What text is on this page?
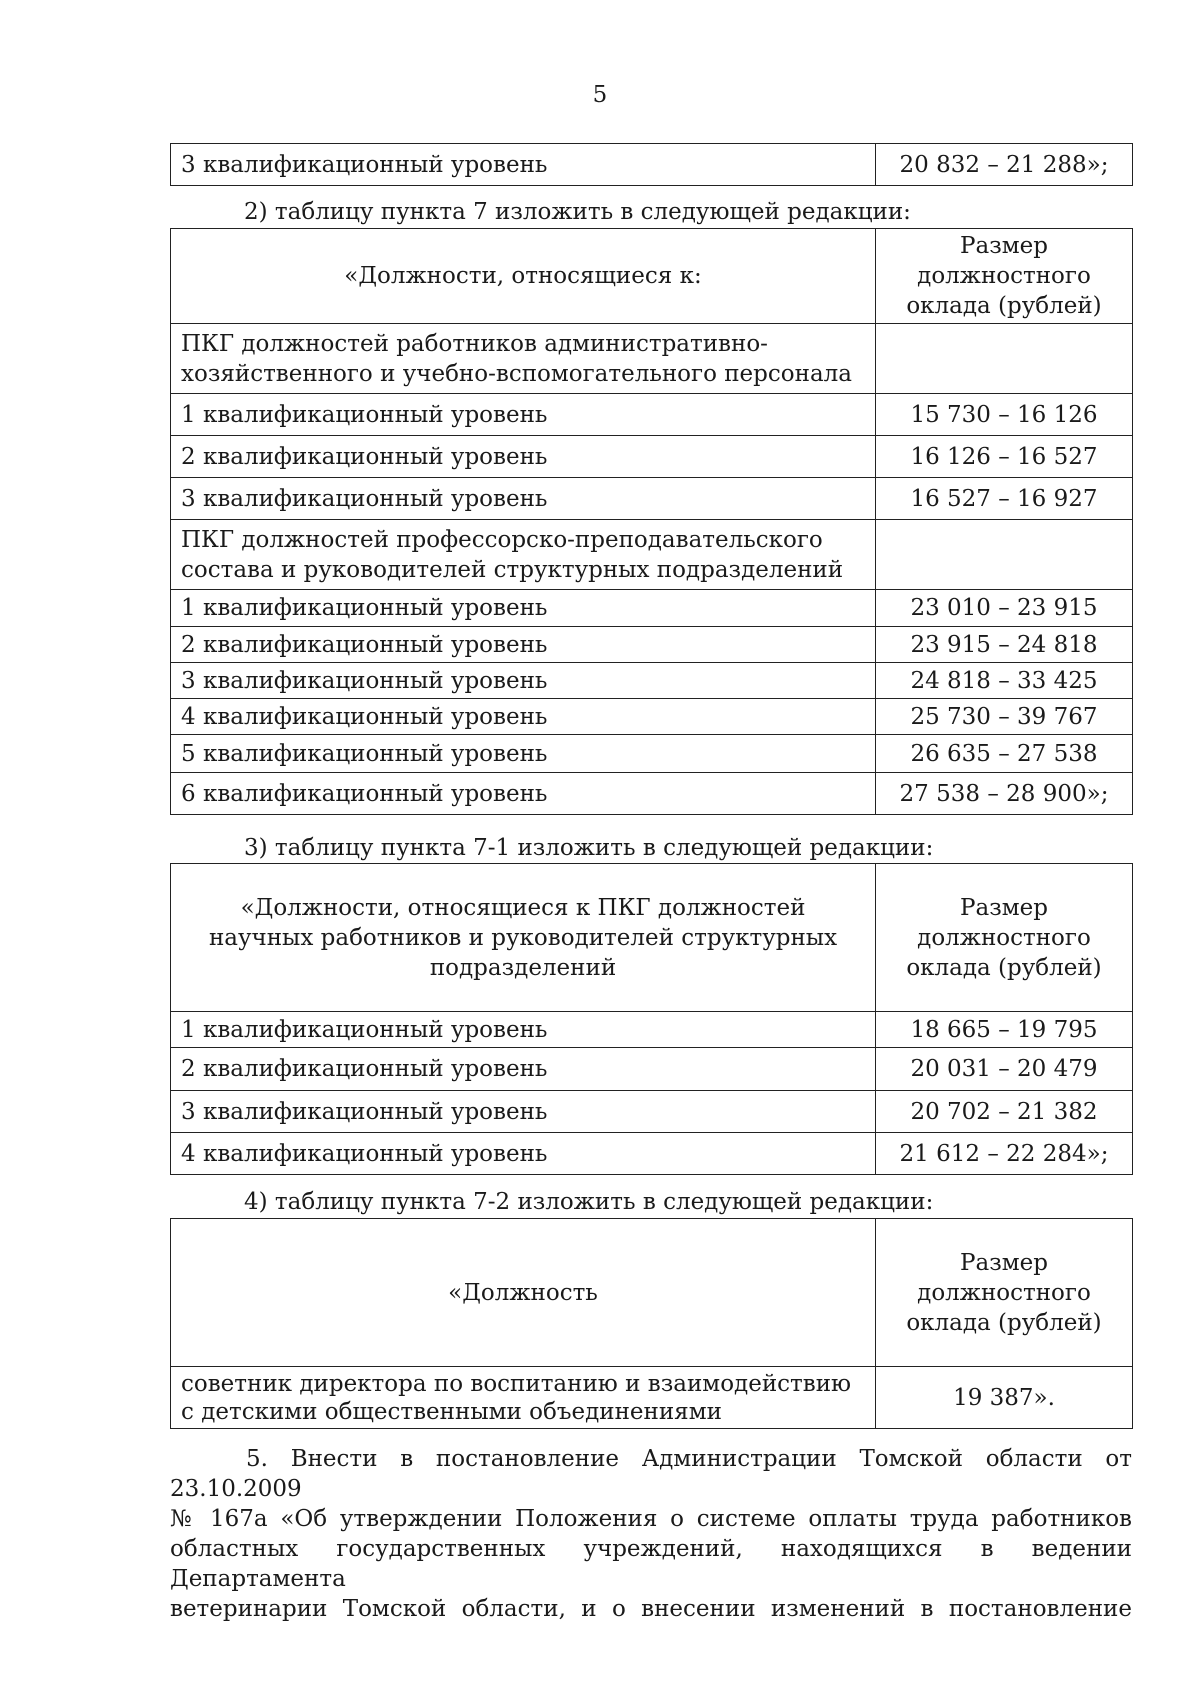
5
3 квалификационный уровень	20 832 – 21 288»;
2) таблицу пункта 7 изложить в следующей редакции:
«Должности, относящиеся к:	Размер должностного оклада (рублей)
ПКГ должностей работников административно-хозяйственного и учебно-вспомогательного персонала	
1 квалификационный уровень	15 730 – 16 126
2 квалификационный уровень	16 126 – 16 527
3 квалификационный уровень	16 527 – 16 927
ПКГ должностей профессорско-преподавательского состава и руководителей структурных подразделений	
1 квалификационный уровень	23 010 – 23 915
2 квалификационный уровень	23 915 – 24 818
3 квалификационный уровень	24 818 – 33 425
4 квалификационный уровень	25 730 – 39 767
5 квалификационный уровень	26 635 – 27 538
6 квалификационный уровень	27 538 – 28 900»;
3) таблицу пункта 7-1 изложить в следующей редакции:
«Должности, относящиеся к ПКГ должностей научных работников и руководителей структурных подразделений	Размер должностного оклада (рублей)
1 квалификационный уровень	18 665 – 19 795
2 квалификационный уровень	20 031 – 20 479
3 квалификационный уровень	20 702 – 21 382
4 квалификационный уровень	21 612 – 22 284»;
4) таблицу пункта 7-2 изложить в следующей редакции:
«Должность	Размер должностного оклада (рублей)
советник директора по воспитанию и взаимодействию с детскими общественными объединениями	19 387».
5. Внести в постановление Администрации Томской области от 23.10.2009
№ 167а «Об утверждении Положения о системе оплаты труда работников
областных государственных учреждений, находящихся в ведении Департамента
ветеринарии Томской области, и о внесении изменений в постановление
